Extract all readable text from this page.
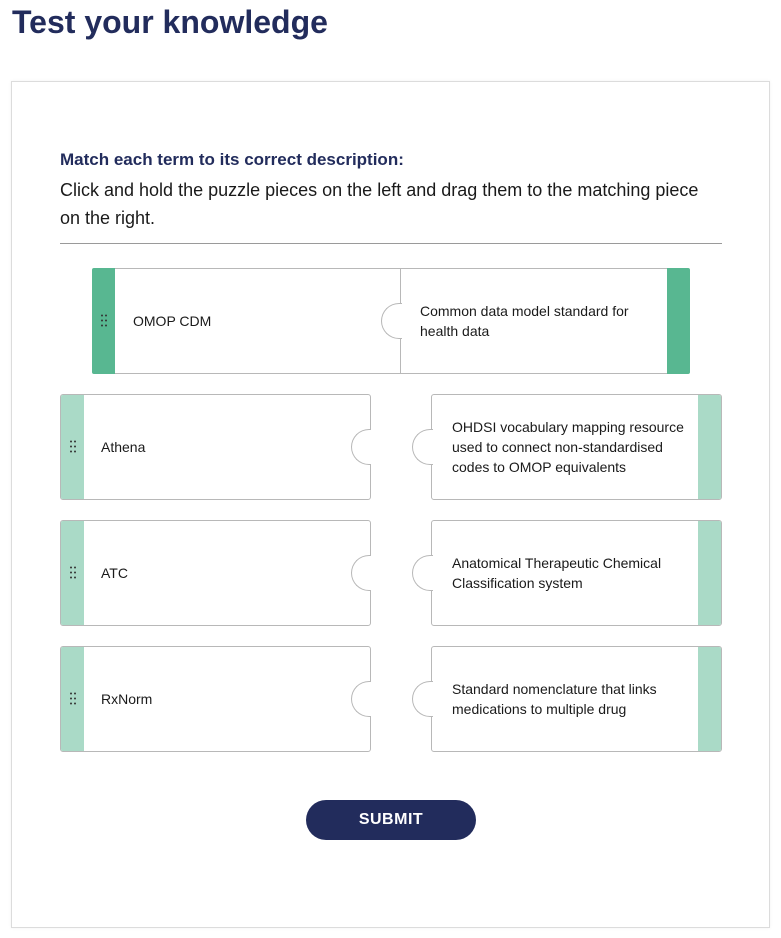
Test your knowledge
Match each term to its correct description:
Click and hold the puzzle pieces on the left and drag them to the matching piece on the right.
OMOP CDM
Common data model standard for health data
Athena
ATC
RxNorm
OHDSI vocabulary mapping resource used to connect non-standardised codes to OMOP equivalents
Anatomical Therapeutic Chemical Classification system
Standard nomenclature that links medications to multiple drug
SUBMIT
